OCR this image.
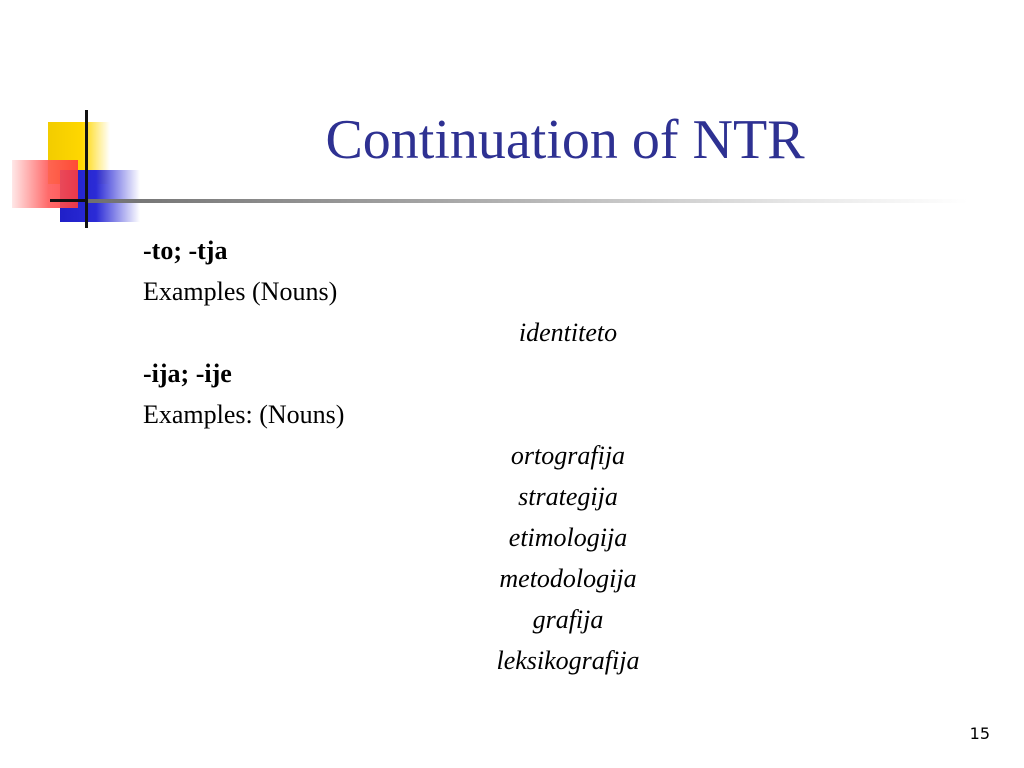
Continuation of NTR
-to; -tja
Examples (Nouns)
identiteto
-ija; -ije
Examples: (Nouns)
ortografija
strategija
etimologija
metodologija
grafija
leksikografija
15
